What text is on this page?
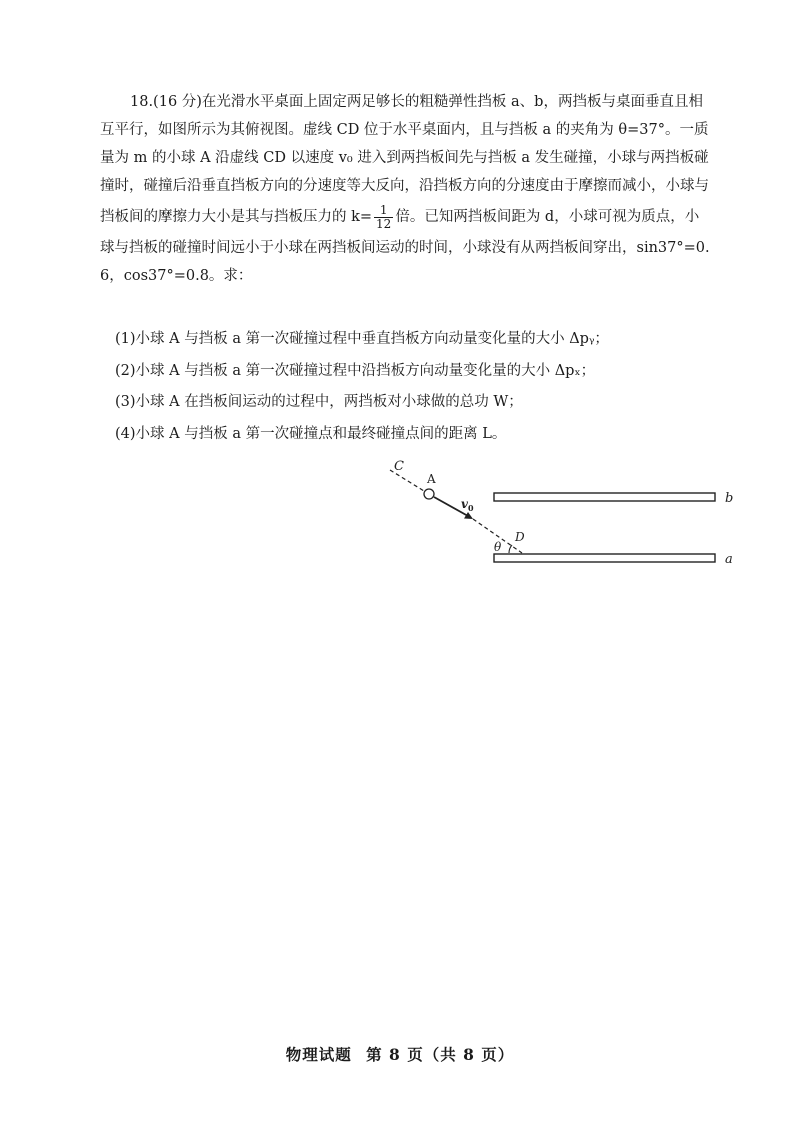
18.(16 分)在光滑水平桌面上固定两足够长的粗糙弹性挡板 a、b，两挡板与桌面垂直且相
互平行，如图所示为其俯视图。虚线 CD 位于水平桌面内，且与挡板 a 的夹角为 θ=37°。一质
量为 m 的小球 A 沿虚线 CD 以速度 v₀ 进入到两挡板间先与挡板 a 发生碰撞，小球与两挡板碰
撞时，碰撞后沿垂直挡板方向的分速度等大反向，沿挡板方向的分速度由于摩擦而减小，小球与
挡板间的摩擦力大小是其与挡板压力的 $k= \frac{1}{12}$ 倍。已知两挡板间距为 d，小球可视为质点，小
球与挡板的碰撞时间远小于小球在两挡板间运动的时间，小球没有从两挡板间穿出，sin37°=0.
6，cos37°=0.8。求：
(1)小球 A 与挡板 a 第一次碰撞过程中垂直挡板方向动量变化量的大小 Δpᵧ；
(2)小球 A 与挡板 a 第一次碰撞过程中沿挡板方向动量变化量的大小 Δpₓ；
(3)小球 A 在挡板间运动的过程中，两挡板对小球做的总功 W；
(4)小球 A 与挡板 a 第一次碰撞点和最终碰撞点间的距离 L。
C
A
v 0
D
θ
b
a
物理试题 第 8 页（共 8 页）
